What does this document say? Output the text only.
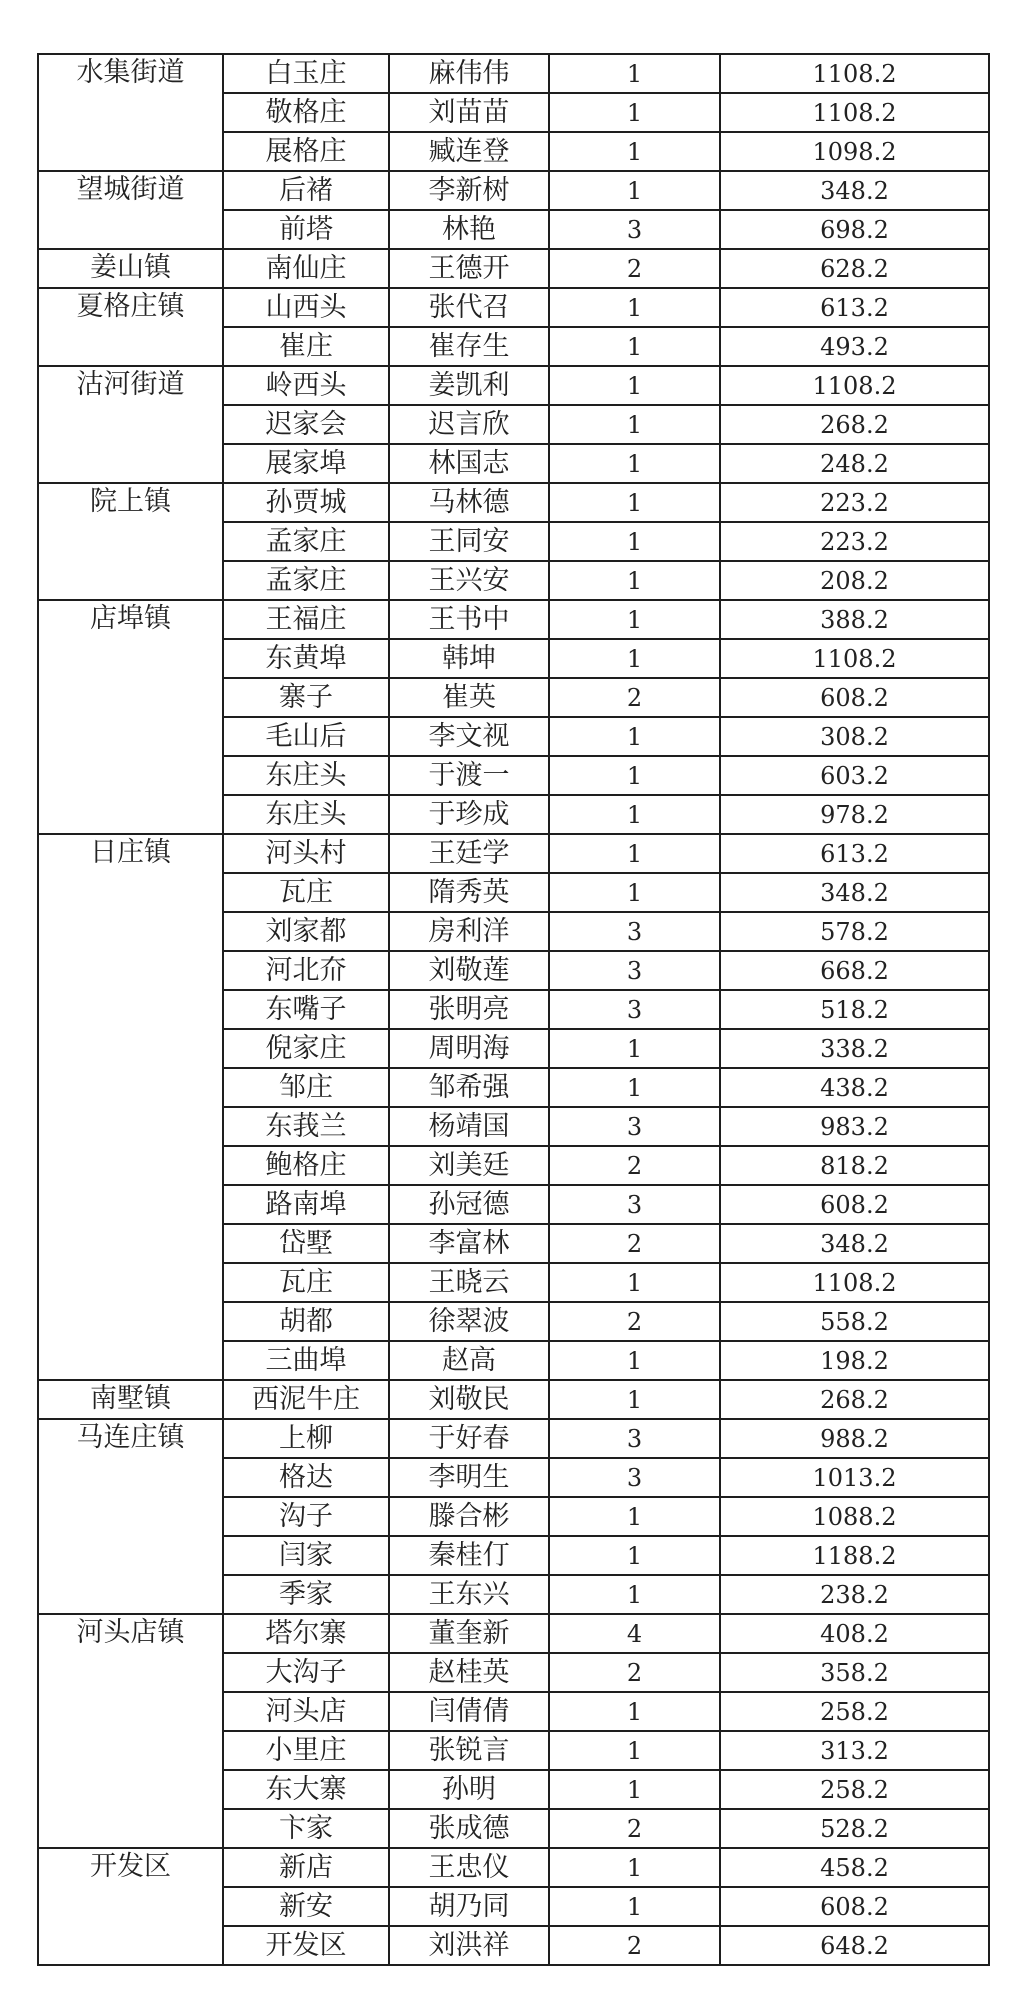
水集街道	白玉庄	麻伟伟	1	1108.2
	敬格庄	刘苗苗	1	1108.2
	展格庄	臧连登	1	1098.2
望城街道	后褚	李新树	1	348.2
	前塔	林艳	3	698.2
姜山镇	南仙庄	王德开	2	628.2
夏格庄镇	山西头	张代召	1	613.2
	崔庄	崔存生	1	493.2
沽河街道	岭西头	姜凯利	1	1108.2
	迟家会	迟言欣	1	268.2
	展家埠	林国志	1	248.2
院上镇	孙贾城	马林德	1	223.2
	孟家庄	王同安	1	223.2
	孟家庄	王兴安	1	208.2
店埠镇	王福庄	王书中	1	388.2
	东黄埠	韩坤	1	1108.2
	寨子	崔英	2	608.2
	毛山后	李文视	1	308.2
	东庄头	于渡一	1	603.2
	东庄头	于珍成	1	978.2
日庄镇	河头村	王廷学	1	613.2
	瓦庄	隋秀英	1	348.2
	刘家都	房利洋	3	578.2
	河北夼	刘敬莲	3	668.2
	东嘴子	张明亮	3	518.2
	倪家庄	周明海	1	338.2
	邹庄	邹希强	1	438.2
	东莪兰	杨靖国	3	983.2
	鲍格庄	刘美廷	2	818.2
	路南埠	孙冠德	3	608.2
	岱墅	李富林	2	348.2
	瓦庄	王晓云	1	1108.2
	胡都	徐翠波	2	558.2
	三曲埠	赵高	1	198.2
南墅镇	西泥牛庄	刘敬民	1	268.2
马连庄镇	上柳	于好春	3	988.2
	格达	李明生	3	1013.2
	沟子	滕合彬	1	1088.2
	闫家	秦桂仃	1	1188.2
	季家	王东兴	1	238.2
河头店镇	塔尔寨	董奎新	4	408.2
	大沟子	赵桂英	2	358.2
	河头店	闫倩倩	1	258.2
	小里庄	张锐言	1	313.2
	东大寨	孙明	1	258.2
	卞家	张成德	2	528.2
开发区	新店	王忠仪	1	458.2
	新安	胡乃同	1	608.2
	开发区	刘洪祥	2	648.2
